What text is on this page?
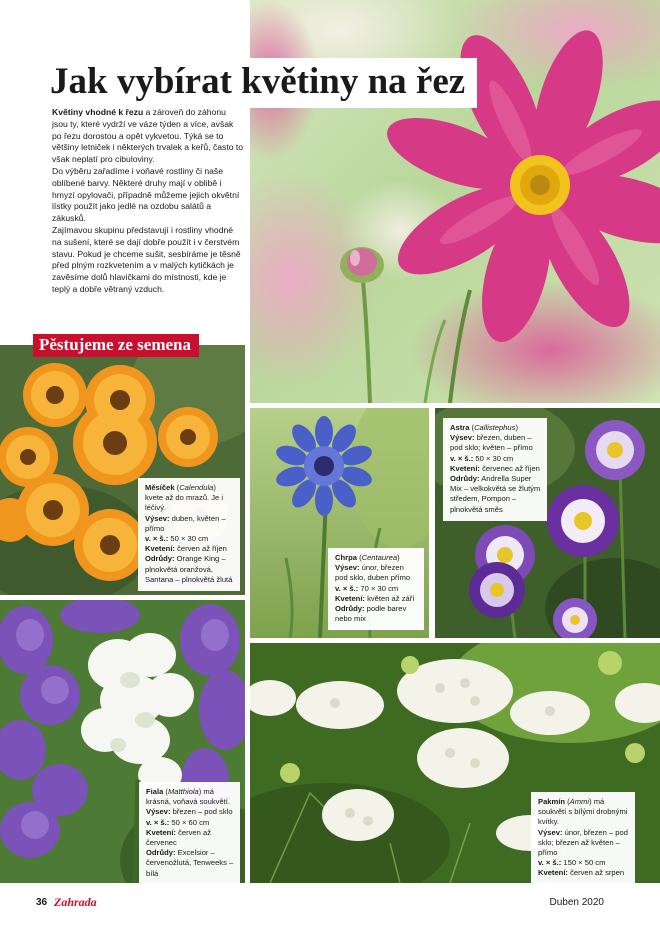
Jak vybírat květiny na řez

Květiny vhodné k řezu a zároveň do záhonu jsou ty, které vydrží ve váze týden a více, avšak po řezu dorostou a opět vykvetou. Týká se to většiny letniček i některých trvalek a keřů, často to však neplatí pro cibuloviny.

Do výběru zařadíme i voňavé rostliny či naše oblíbené barvy. Některé druhy mají v oblibě i hmyzí opylovači, případně můžeme jejich okvětní lístky použít jako jedlé na ozdobu salátů a zákusků.

Zajímavou skupinu představují i rostliny vhodné na sušení, které se dají dobře použít i v čerstvém stavu. Pokud je chceme sušit, sesbíráme je těsně před plným rozkvetením a v malých kytičkách je zavěsíme dolů hlavičkami do místnosti, kde je teplý a dobře větraný vzduch.

Pěstujeme ze semena

Měsíček (Calendula) kvete až do mrazů. Je i léčivý.

Výsev: duben, květen – přímo

v. × š.: 50 × 30 cm

Kvetení: červen až říjen

Odrůdy: Orange King – plnokvětá oranžová, Santana – plnokvětá žlutá

Chrpa (Centaurea)

Výsev: únor, březen pod sklo, duben přímo

v. × š.: 70 × 30 cm

Kvetení: květen až září

Odrůdy: podle barev nebo mix

Astra (Callistephus)

Výsev: březen, duben – pod sklo; květen – přímo

v. × š.: 50 × 30 cm

Kvetení: červenec až říjen

Odrůdy: Andrella Super Mix – velkokvětá se žlutým středem, Pompon – plnokvětá směs

Fiala (Matthiola) má krásná, voňavá soukvětí.

Výsev: březen – pod sklo

v. × š.: 50 × 60 cm

Kvetení: červen až červenec

Odrůdy: Excelsior – červenožlutá, Tenweeks – bílá

Pakmín (Ammi) má soukvětí s bílými drobnými kvítky.

Výsev: únor, březen – pod sklo; březen až květen – přímo

v. × š.: 150 × 50 cm

Kvetení: červen až srpen

36 Zahrada	Duben 2020
